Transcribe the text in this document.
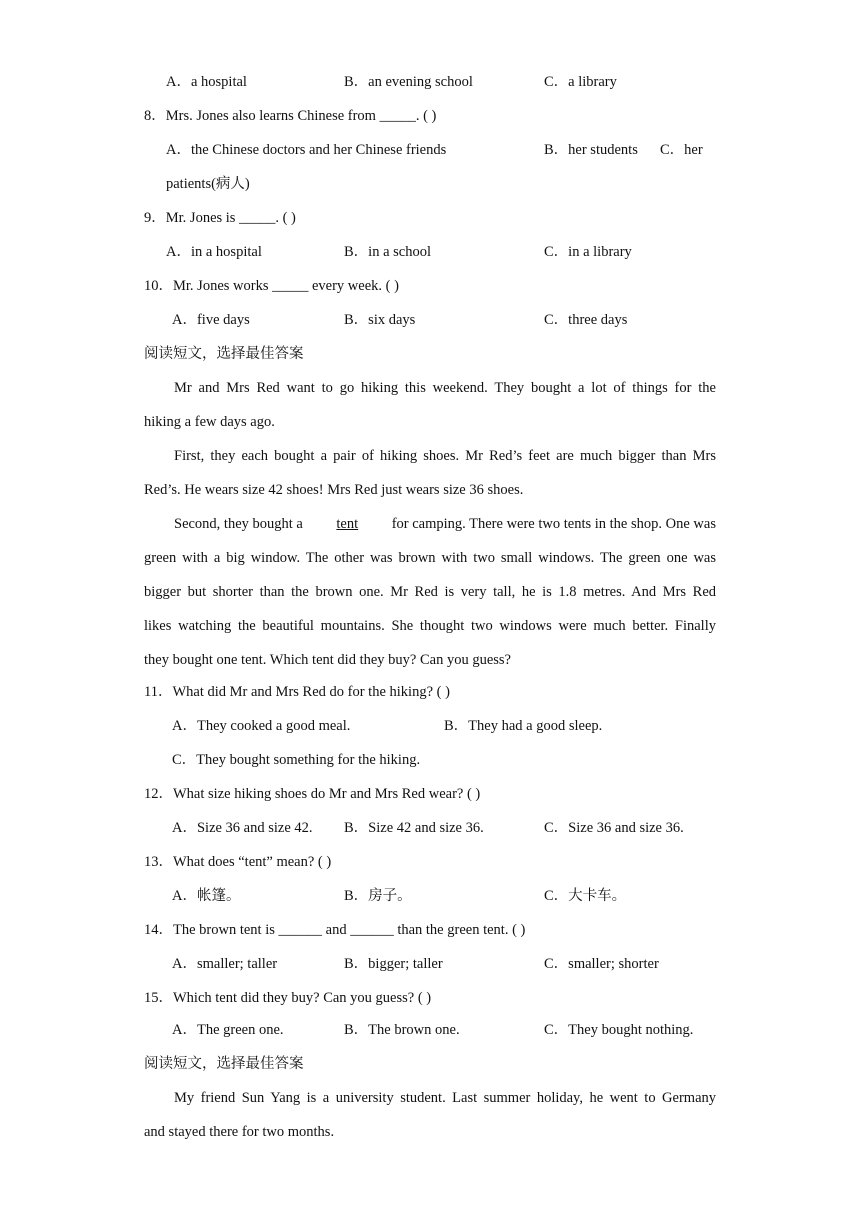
A．a hospital	B．an evening school	C．a library
8．Mrs. Jones also learns Chinese from _____. ( )
A．the Chinese doctors and her Chinese friends	B．her students C．her
patients(病人)
9．Mr. Jones is _____. ( )
A．in a hospital	B．in a school	C．in a library
10．Mr. Jones works _____ every week. ( )
A．five days	B．six days	C．three days
阅读短文，选择最佳答案
Mr and Mrs Red want to go hiking this weekend. They bought a lot of things for the
hiking a few days ago.
First, they each bought a pair of hiking shoes. Mr Red’s feet are much bigger than Mrs
Red’s. He wears size 42 shoes! Mrs Red just wears size 36 shoes.
Second, they bought a tent for camping. There were two tents in the shop. One was
green with a big window. The other was brown with two small windows. The green one was
bigger but shorter than the brown one. Mr Red is very tall, he is 1.8 metres. And Mrs Red
likes watching the beautiful mountains. She thought two windows were much better. Finally
they bought one tent. Which tent did they buy? Can you guess?
11．What did Mr and Mrs Red do for the hiking? ( )
A．They cooked a good meal.	B．They had a good sleep.
C．They bought something for the hiking.
12．What size hiking shoes do Mr and Mrs Red wear? ( )
A．Size 36 and size 42. B．Size 42 and size 36.	C．Size 36 and size 36.
13．What does “tent” mean? ( )
A．帐篷。	B．房子。	C．大卡车。
14．The brown tent is ______ and ______ than the green tent. ( )
A．smaller; taller	B．bigger; taller	C．smaller; shorter
15．Which tent did they buy? Can you guess? ( )
A．The green one.	B．The brown one.	C．They bought nothing.
阅读短文，选择最佳答案
My friend Sun Yang is a university student. Last summer holiday, he went to Germany
and stayed there for two months.
